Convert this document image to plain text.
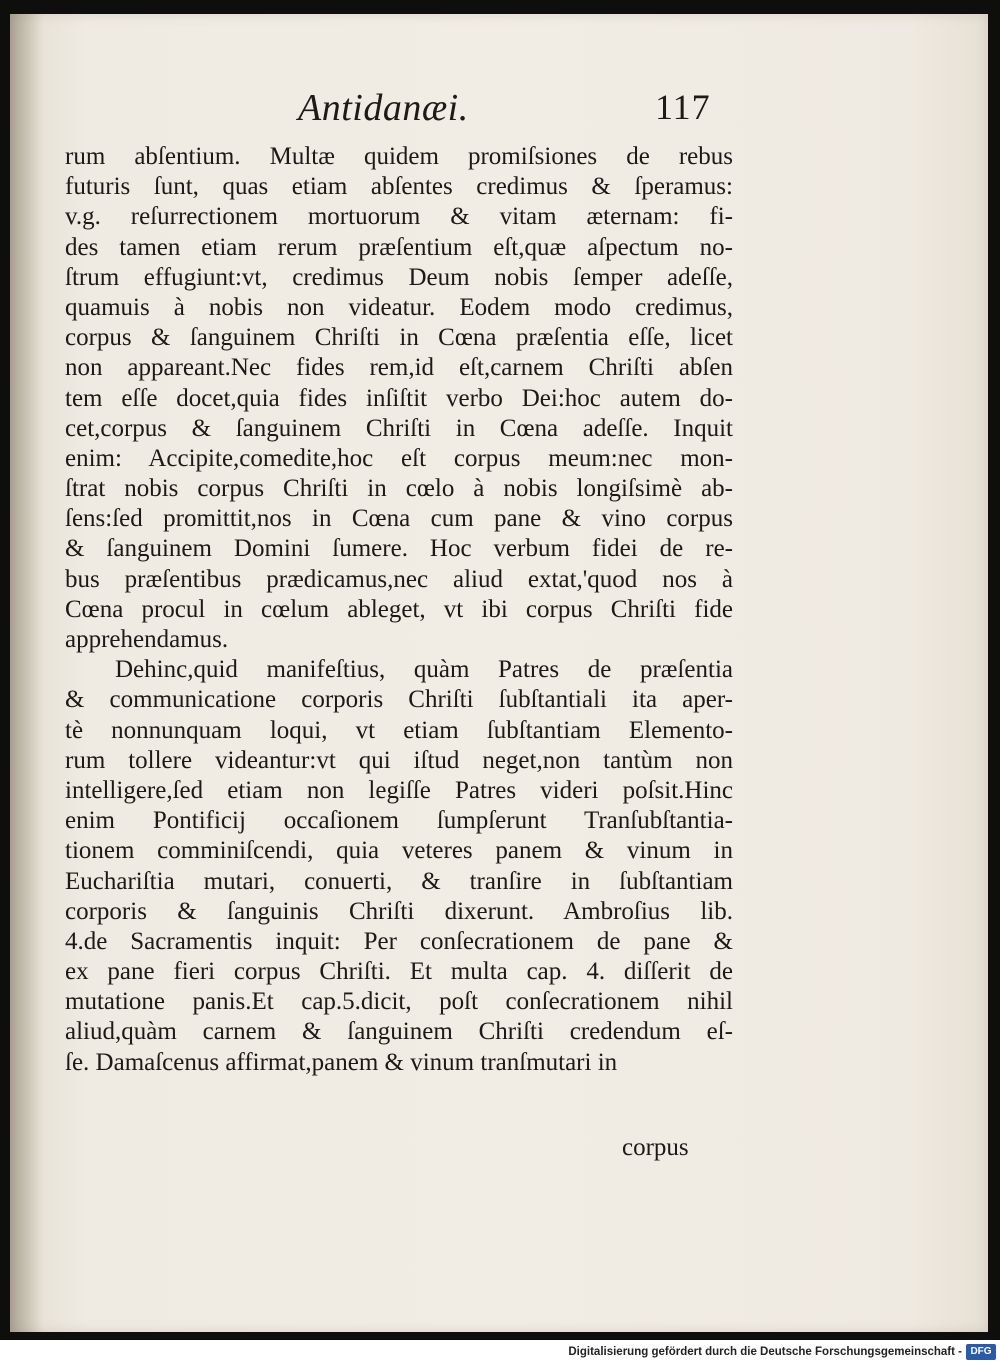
Antidanæi.	117
rum abſentium. Multæ quidem promiſsiones de rebus
futuris ſunt, quas etiam abſentes credimus & ſperamus:
v.g. reſurrectionem mortuorum & vitam æternam: fi-
des tamen etiam rerum præſentium eſt,quæ aſpectum no-
ſtrum effugiunt:vt, credimus Deum nobis ſemper adeſſe,
quamuis à nobis non videatur. Eodem modo credimus,
corpus & ſanguinem Chriſti in Cœna præſentia eſſe, licet
non appareant.Nec fides rem,id eſt,carnem Chriſti abſen
tem eſſe docet,quia fides inſiſtit verbo Dei:hoc autem do-
cet,corpus & ſanguinem Chriſti in Cœna adeſſe. Inquit
enim: Accipite,comedite,hoc eſt corpus meum:nec mon-
ſtrat nobis corpus Chriſti in cœlo à nobis longiſsimè ab-
ſens:ſed promittit,nos in Cœna cum pane & vino corpus
& ſanguinem Domini ſumere. Hoc verbum fidei de re-
bus præſentibus prædicamus,nec aliud extat,'quod nos à
Cœna procul in cœlum ableget, vt ibi corpus Chriſti fide
apprehendamus.
Dehinc,quid manifeſtius, quàm Patres de præſentia
& communicatione corporis Chriſti ſubſtantiali ita aper-
tè nonnunquam loqui, vt etiam ſubſtantiam Elemento-
rum tollere videantur:vt qui iſtud neget,non tantùm non
intelligere,ſed etiam non legiſſe Patres videri poſsit.Hinc
enim Pontificij occaſionem ſumpſerunt Tranſubſtantia-
tionem comminiſcendi, quia veteres panem & vinum in
Euchariſtia mutari, conuerti, & tranſire in ſubſtantiam
corporis & ſanguinis Chriſti dixerunt. Ambroſius lib.
4.de Sacramentis inquit: Per conſecrationem de pane &
ex pane fieri corpus Chriſti. Et multa cap. 4. diſſerit de
mutatione panis.Et cap.5.dicit, poſt conſecrationem nihil
aliud,quàm carnem & ſanguinem Chriſti credendum eſ-
ſe. Damaſcenus affirmat,panem & vinum tranſmutari in
corpus
Digitalisierung gefördert durch die Deutsche Forschungsgemeinschaft - DFG
